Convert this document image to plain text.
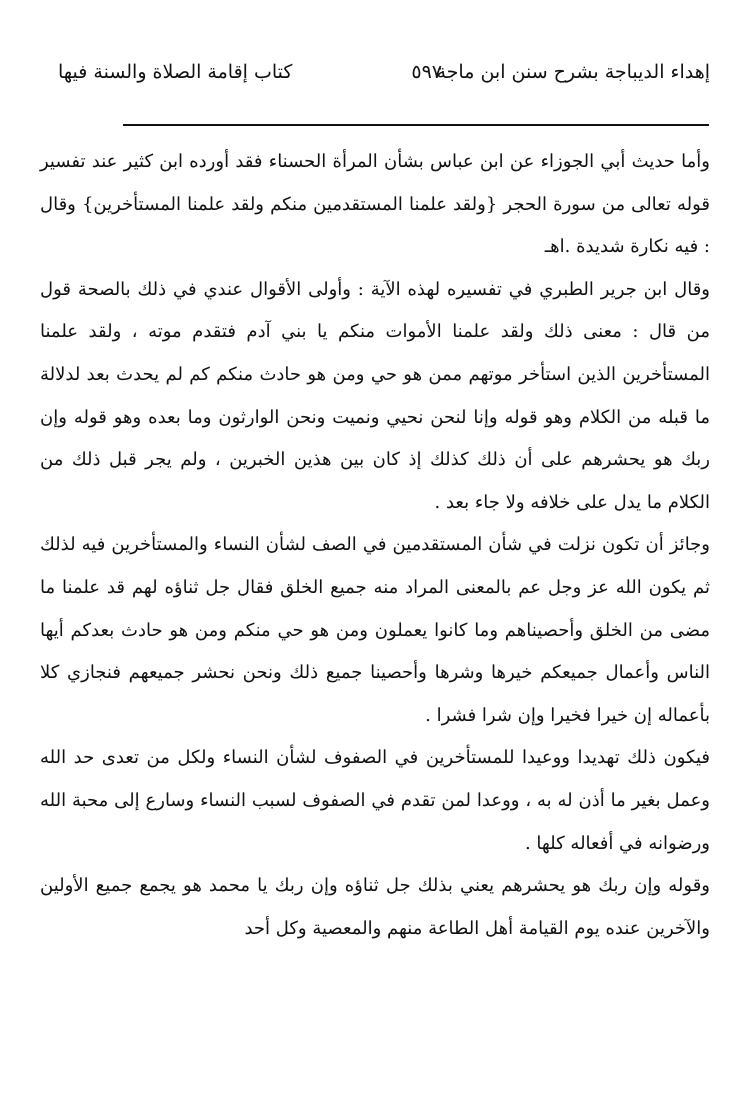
إهداء الديباجة بشرح سنن ابن ماجة
٥٩٧
كتاب إقامة الصلاة والسنة فيها

وأما حديث أبي الجوزاء عن ابن عباس بشأن المرأة الحسناء فقد أورده ابن كثير عند تفسير قوله تعالى من سورة الحجر {ولقد علمنا المستقدمين منكم ولقد علمنا المستأخرين} وقال : فيه نكارة شديدة .اهـ

وقال ابن جرير الطبري في تفسيره لهذه الآية : وأولى الأقوال عندي في ذلك بالصحة قول من قال : معنى ذلك ولقد علمنا الأموات منكم يا بني آدم فتقدم موته ، ولقد علمنا المستأخرين الذين استأخر موتهم ممن هو حي ومن هو حادث منكم كم لم يحدث بعد لدلالة ما قبله من الكلام وهو قوله وإنا لنحن نحيي ونميت ونحن الوارثون وما بعده وهو قوله وإن ربك هو يحشرهم على أن ذلك كذلك إذ كان بين هذين الخبرين ، ولم يجر قبل ذلك من الكلام ما يدل على خلافه ولا جاء بعد .

وجائز أن تكون نزلت في شأن المستقدمين في الصف لشأن النساء والمستأخرين فيه لذلك ثم يكون الله عز وجل عم بالمعنى المراد منه جميع الخلق فقال جل ثناؤه لهم قد علمنا ما مضى من الخلق وأحصيناهم وما كانوا يعملون ومن هو حي منكم ومن هو حادث بعدكم أيها الناس وأعمال جميعكم خيرها وشرها وأحصينا جميع ذلك ونحن نحشر جميعهم فنجازي كلا بأعماله إن خيرا فخيرا وإن شرا فشرا .

فيكون ذلك تهديدا ووعيدا للمستأخرين في الصفوف لشأن النساء ولكل من تعدى حد الله وعمل بغير ما أذن له به ، ووعدا لمن تقدم في الصفوف لسبب النساء وسارع إلى محبة الله ورضوانه في أفعاله كلها .

وقوله وإن ربك هو يحشرهم يعني بذلك جل ثناؤه وإن ربك يا محمد هو يجمع جميع الأولين والآخرين عنده يوم القيامة أهل الطاعة منهم والمعصية وكل أحد
